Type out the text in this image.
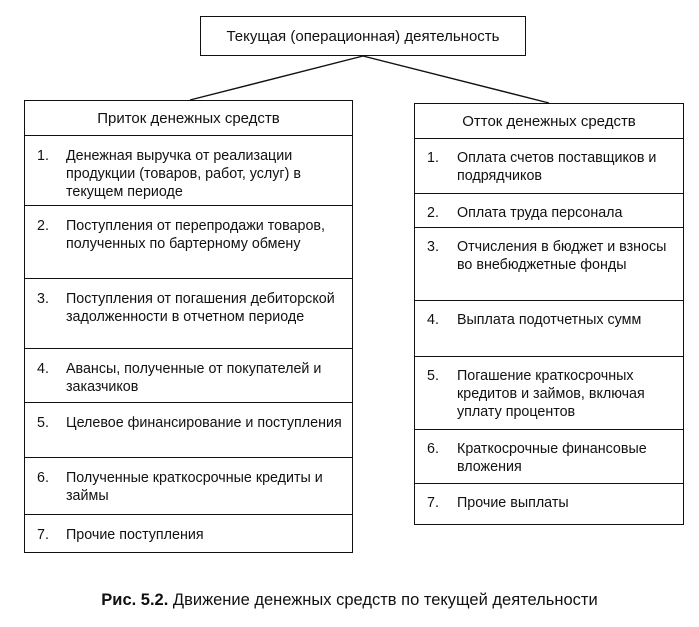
Текущая (операционная) деятельность
Приток денежных средств
1.	Денежная выручка от реализации продукции (товаров, работ, услуг) в текущем периоде
2.	Поступления от перепродажи товаров, полученных по бартерному обмену
3.	Поступления от погашения дебиторской задолженности в отчетном периоде
4.	Авансы, полученные от покупателей и заказчиков
5.	Целевое финансирование и поступления
6.	Полученные краткосрочные кредиты и займы
7.	Прочие поступления
Отток денежных средств
1.	Оплата счетов поставщиков и подрядчиков
2.	Оплата труда персонала
3.	Отчисления в бюджет и взносы во внебюджетные фонды
4.	Выплата подотчетных сумм
5.	Погашение краткосрочных кредитов и займов, включая уплату процентов
6.	Краткосрочные финансовые вложения
7.	Прочие выплаты
Рис. 5.2. Движение денежных средств по текущей деятельности
